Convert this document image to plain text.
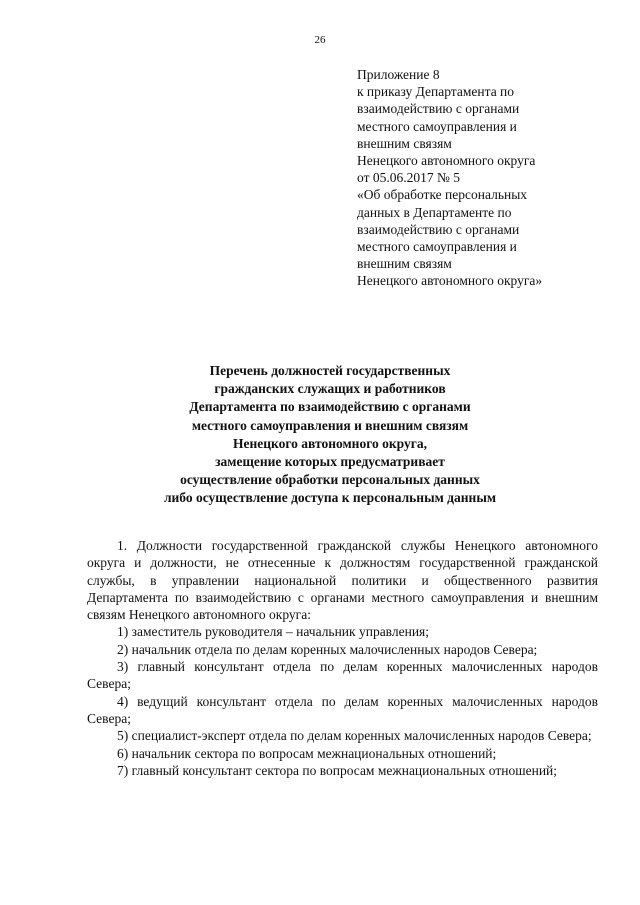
26
Приложение 8
к приказу Департамента по
взаимодействию с органами
местного самоуправления и
внешним связям
Ненецкого автономного округа
от 05.06.2017 № 5
«Об обработке персональных
данных в Департаменте по
взаимодействию с органами
местного самоуправления и
внешним связям
Ненецкого автономного округа»
Перечень должностей государственных
гражданских служащих и работников
Департамента по взаимодействию с органами
местного самоуправления и внешним связям
Ненецкого автономного округа,
замещение которых предусматривает
осуществление обработки персональных данных
либо осуществление доступа к персональным данным
1. Должности государственной гражданской службы Ненецкого автономного округа и должности, не отнесенные к должностям государственной гражданской службы, в управлении национальной политики и общественного развития Департамента по взаимодействию с органами местного самоуправления и внешним связям Ненецкого автономного округа:
1) заместитель руководителя – начальник управления;
2) начальник отдела по делам коренных малочисленных народов Севера;
3) главный консультант отдела по делам коренных малочисленных народов Севера;
4) ведущий консультант отдела по делам коренных малочисленных народов Севера;
5) специалист-эксперт отдела по делам коренных малочисленных народов Севера;
6) начальник сектора по вопросам межнациональных отношений;
7) главный консультант сектора по вопросам межнациональных отношений;
